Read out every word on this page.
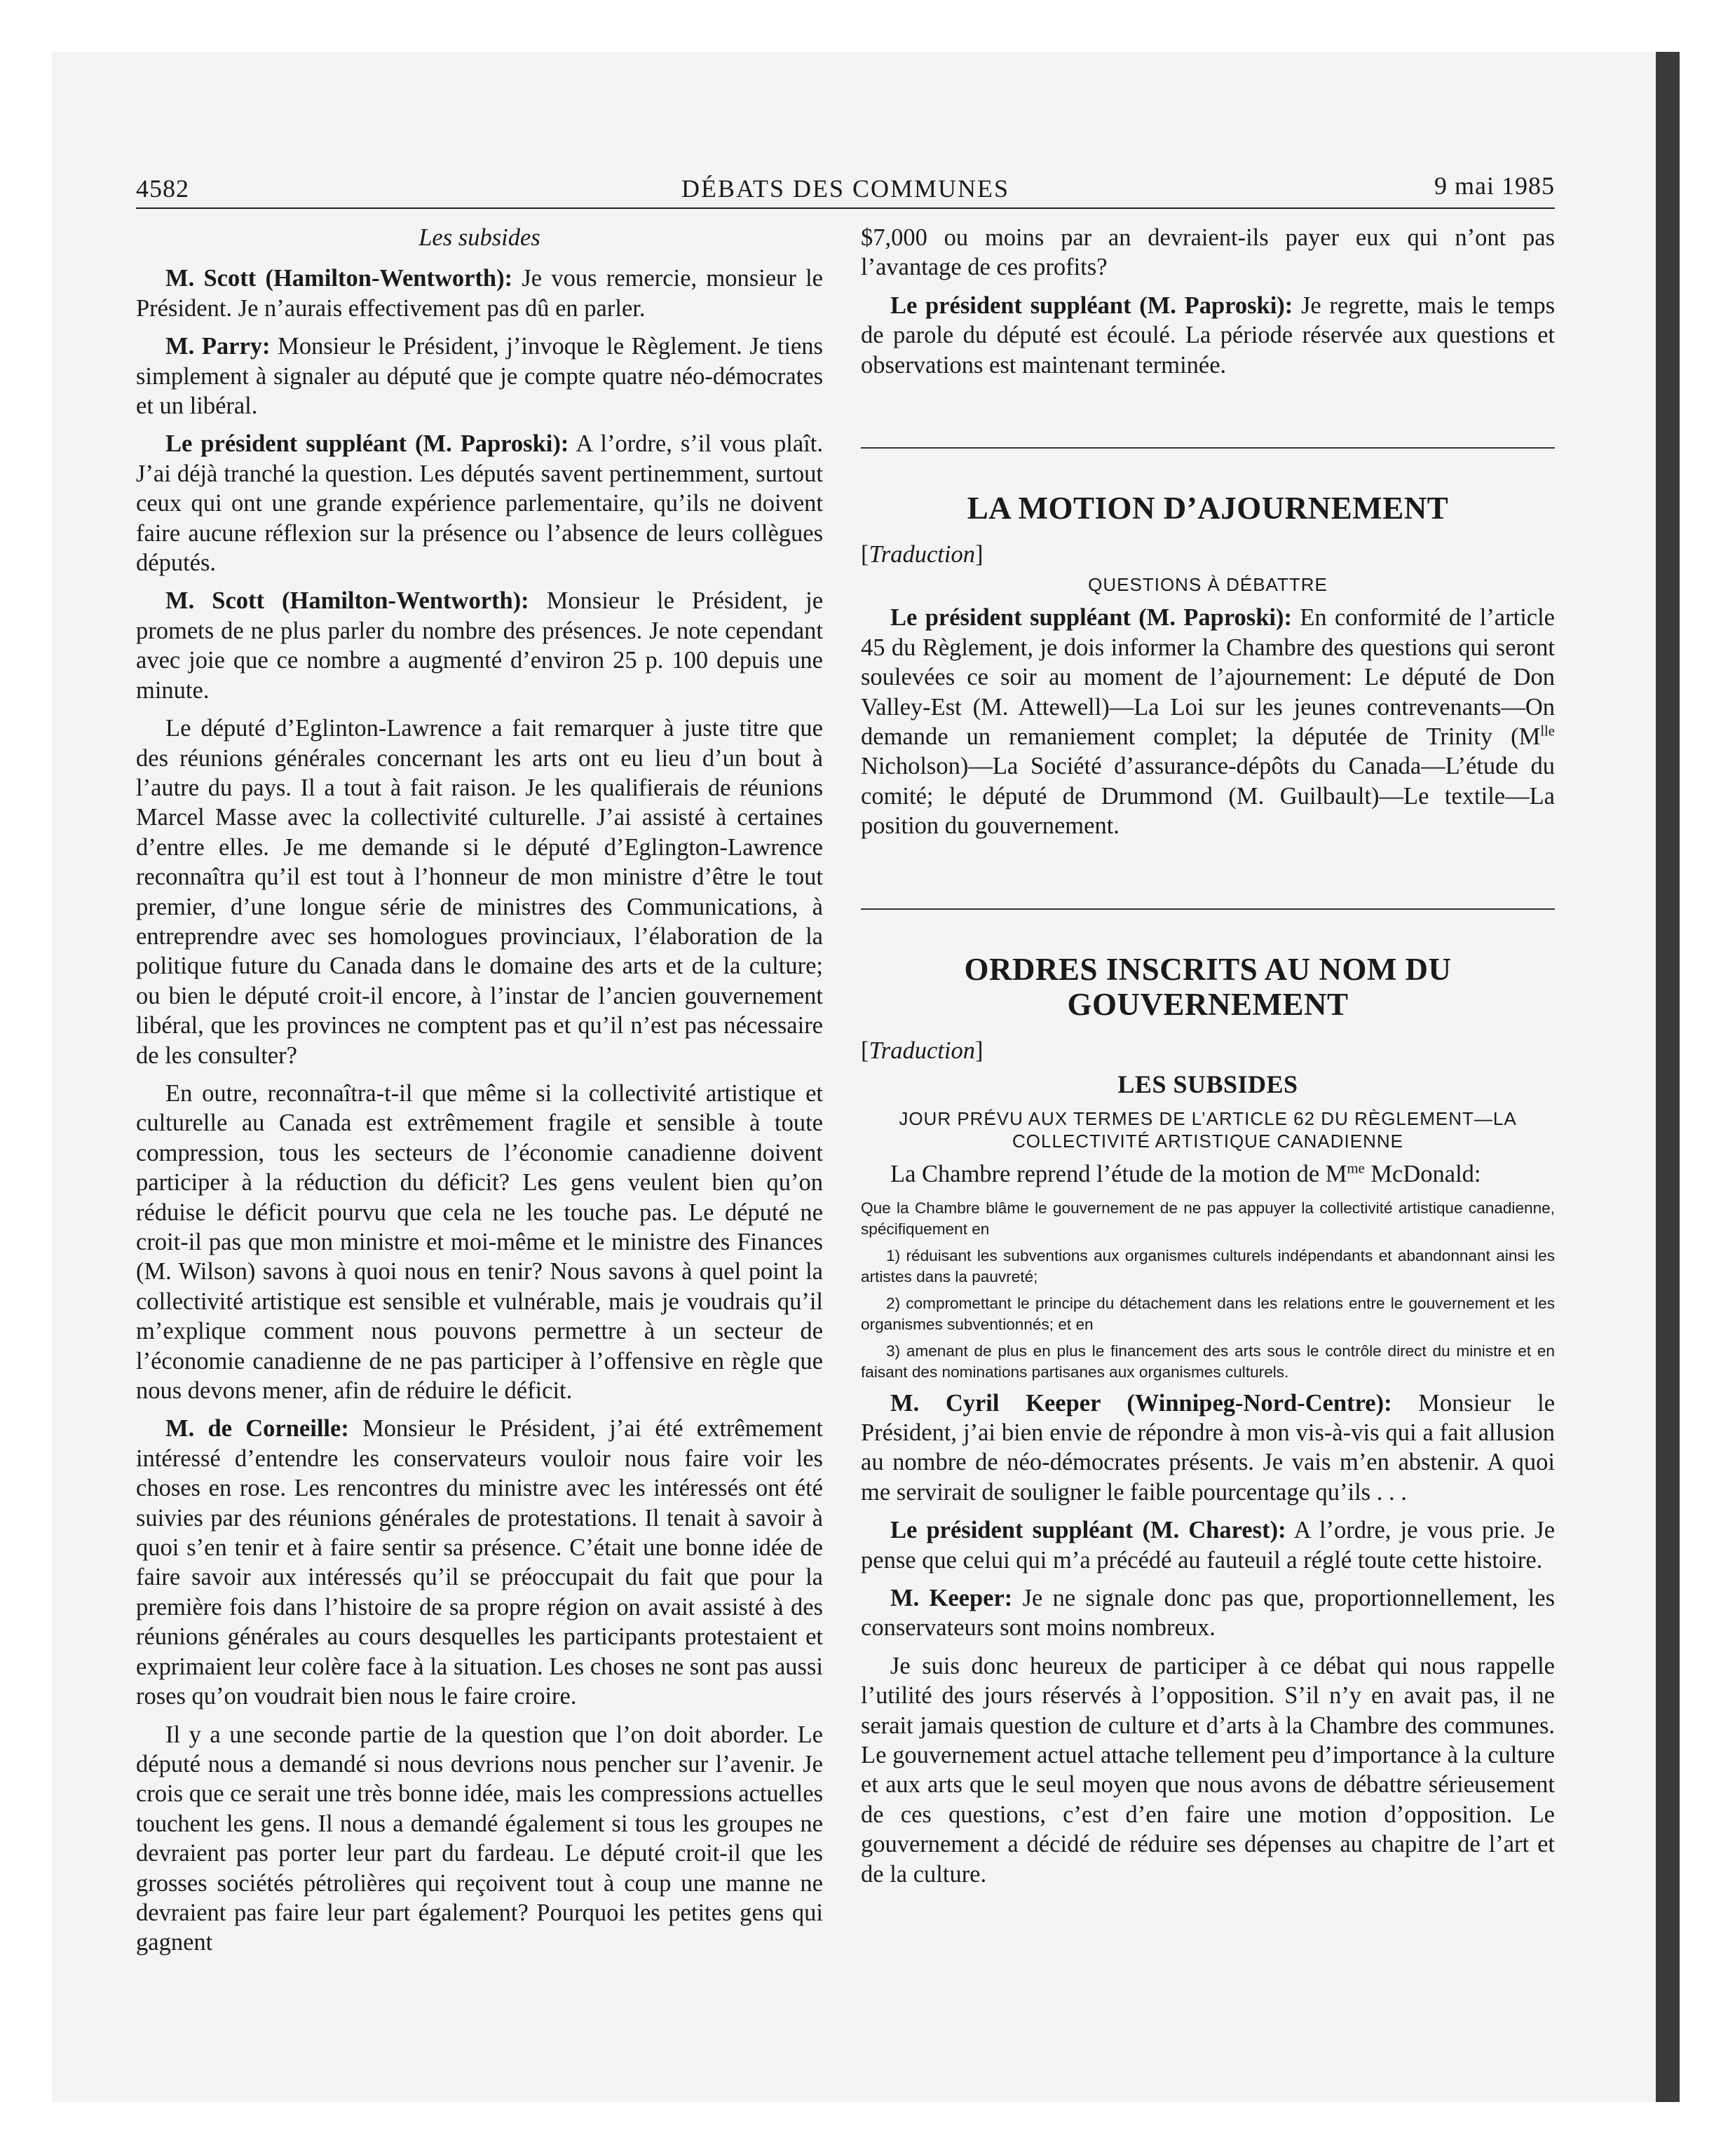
4582	DÉBATS DES COMMUNES	9 mai 1985
Les subsides

M. Scott (Hamilton-Wentworth): Je vous remercie, monsieur le Président. Je n’aurais effectivement pas dû en parler.

M. Parry: Monsieur le Président, j’invoque le Règlement. Je tiens simplement à signaler au député que je compte quatre néo-démocrates et un libéral.

Le président suppléant (M. Paproski): A l’ordre, s’il vous plaît. J’ai déjà tranché la question. Les députés savent pertinemment, surtout ceux qui ont une grande expérience parlementaire, qu’ils ne doivent faire aucune réflexion sur la présence ou l’absence de leurs collègues députés.

M. Scott (Hamilton-Wentworth): Monsieur le Président, je promets de ne plus parler du nombre des présences. Je note cependant avec joie que ce nombre a augmenté d’environ 25 p. 100 depuis une minute.

Le député d’Eglinton-Lawrence a fait remarquer à juste titre que des réunions générales concernant les arts ont eu lieu d’un bout à l’autre du pays. Il a tout à fait raison. Je les qualifierais de réunions Marcel Masse avec la collectivité culturelle. J’ai assisté à certaines d’entre elles. Je me demande si le député d’Eglington-Lawrence reconnaîtra qu’il est tout à l’honneur de mon ministre d’être le tout premier, d’une longue série de ministres des Communications, à entreprendre avec ses homologues provinciaux, l’élaboration de la politique future du Canada dans le domaine des arts et de la culture; ou bien le député croit-il encore, à l’instar de l’ancien gouvernement libéral, que les provinces ne comptent pas et qu’il n’est pas nécessaire de les consulter?

En outre, reconnaîtra-t-il que même si la collectivité artistique et culturelle au Canada est extrêmement fragile et sensible à toute compression, tous les secteurs de l’économie canadienne doivent participer à la réduction du déficit? Les gens veulent bien qu’on réduise le déficit pourvu que cela ne les touche pas. Le député ne croit-il pas que mon ministre et moi-même et le ministre des Finances (M. Wilson) savons à quoi nous en tenir? Nous savons à quel point la collectivité artistique est sensible et vulnérable, mais je voudrais qu’il m’explique comment nous pouvons permettre à un secteur de l’économie canadienne de ne pas participer à l’offensive en règle que nous devons mener, afin de réduire le déficit.

M. de Corneille: Monsieur le Président, j’ai été extrêmement intéressé d’entendre les conservateurs vouloir nous faire voir les choses en rose. Les rencontres du ministre avec les intéressés ont été suivies par des réunions générales de protestations. Il tenait à savoir à quoi s’en tenir et à faire sentir sa présence. C’était une bonne idée de faire savoir aux intéressés qu’il se préoccupait du fait que pour la première fois dans l’histoire de sa propre région on avait assisté à des réunions générales au cours desquelles les participants protestaient et exprimaient leur colère face à la situation. Les choses ne sont pas aussi roses qu’on voudrait bien nous le faire croire.

Il y a une seconde partie de la question que l’on doit aborder. Le député nous a demandé si nous devrions nous pencher sur l’avenir. Je crois que ce serait une très bonne idée, mais les compressions actuelles touchent les gens. Il nous a demandé également si tous les groupes ne devraient pas porter leur part du fardeau. Le député croit-il que les grosses sociétés pétrolières qui reçoivent tout à coup une manne ne devraient pas faire leur part également? Pourquoi les petites gens qui gagnent

$7,000 ou moins par an devraient-ils payer eux qui n’ont pas l’avantage de ces profits?

Le président suppléant (M. Paproski): Je regrette, mais le temps de parole du député est écoulé. La période réservée aux questions et observations est maintenant terminée.

LA MOTION D’AJOURNEMENT
[Traduction]
QUESTIONS À DÉBATTRE

Le président suppléant (M. Paproski): En conformité de l’article 45 du Règlement, je dois informer la Chambre des questions qui seront soulevées ce soir au moment de l’ajournement: Le député de Don Valley-Est (M. Attewell)—La Loi sur les jeunes contrevenants—On demande un remaniement complet; la députée de Trinity ($M^{lle}$ Nicholson)—La Société d’assurance-dépôts du Canada—L’étude du comité; le député de Drummond (M. Guilbault)—Le textile—La position du gouvernement.

ORDRES INSCRITS AU NOM DU
GOUVERNEMENT
[Traduction]
LES SUBSIDES
JOUR PRÉVU AUX TERMES DE L’ARTICLE 62 DU RÈGLEMENT—LA
COLLECTIVITÉ ARTISTIQUE CANADIENNE

La Chambre reprend l’étude de la motion de $M^{me}$ McDonald:

Que la Chambre blâme le gouvernement de ne pas appuyer la collectivité artistique canadienne, spécifiquement en
1) réduisant les subventions aux organismes culturels indépendants et abandonnant ainsi les artistes dans la pauvreté;
2) compromettant le principe du détachement dans les relations entre le gouvernement et les organismes subventionnés; et en
3) amenant de plus en plus le financement des arts sous le contrôle direct du ministre et en faisant des nominations partisanes aux organismes culturels.

M. Cyril Keeper (Winnipeg-Nord-Centre): Monsieur le Président, j’ai bien envie de répondre à mon vis-à-vis qui a fait allusion au nombre de néo-démocrates présents. Je vais m’en abstenir. A quoi me servirait de souligner le faible pourcentage qu’ils . . .

Le président suppléant (M. Charest): A l’ordre, je vous prie. Je pense que celui qui m’a précédé au fauteuil a réglé toute cette histoire.

M. Keeper: Je ne signale donc pas que, proportionnellement, les conservateurs sont moins nombreux.

Je suis donc heureux de participer à ce débat qui nous rappelle l’utilité des jours réservés à l’opposition. S’il n’y en avait pas, il ne serait jamais question de culture et d’arts à la Chambre des communes. Le gouvernement actuel attache tellement peu d’importance à la culture et aux arts que le seul moyen que nous avons de débattre sérieusement de ces questions, c’est d’en faire une motion d’opposition. Le gouvernement a décidé de réduire ses dépenses au chapitre de l’art et de la culture.
